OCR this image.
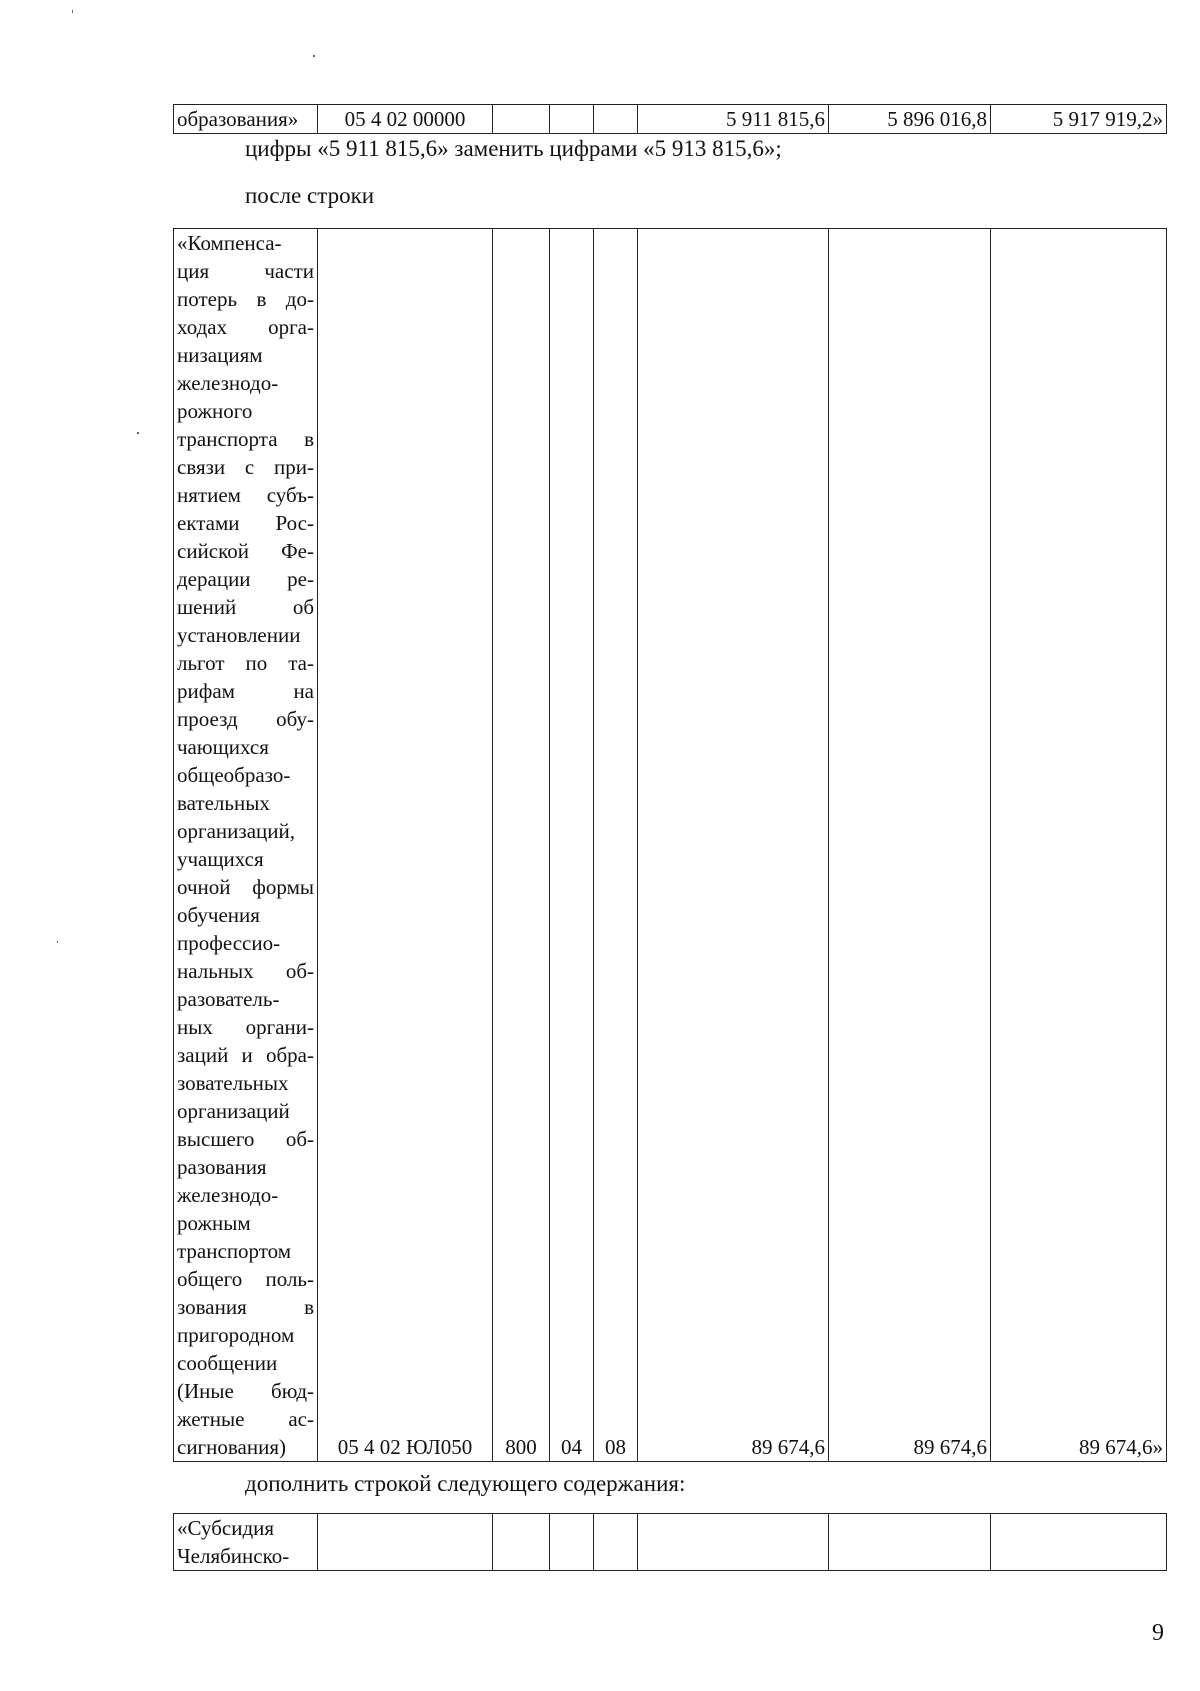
образования»	05 4 02 00000				5 911 815,6	5 896 016,8	5 917 919,2»
цифры «5 911 815,6» заменить цифрами «5 913 815,6»;
после строки
«Компенса-
ция части
потерь в до-
ходах орга-
низациям
железнодо-
рожного
транспорта в
связи с при-
нятием субъ-
ектами Рос-
сийской Фе-
дерации ре-
шений об
установлении
льгот по та-
рифам на
проезд обу-
чающихся
общеобразо-
вательных
организаций,
учащихся
очной формы
обучения
профессио-
нальных об-
разователь-
ных органи-
заций и обра-
зовательных
организаций
высшего об-
разования
железнодо-
рожным
транспортом
общего поль-
зования в
пригородном
сообщении
(Иные бюд-
жетные ас-
сигнования)	05 4 02 ЮЛ050	800	04	08	89 674,6	89 674,6	89 674,6»
дополнить строкой следующего содержания:
«Субсидия
Челябинско-

9
